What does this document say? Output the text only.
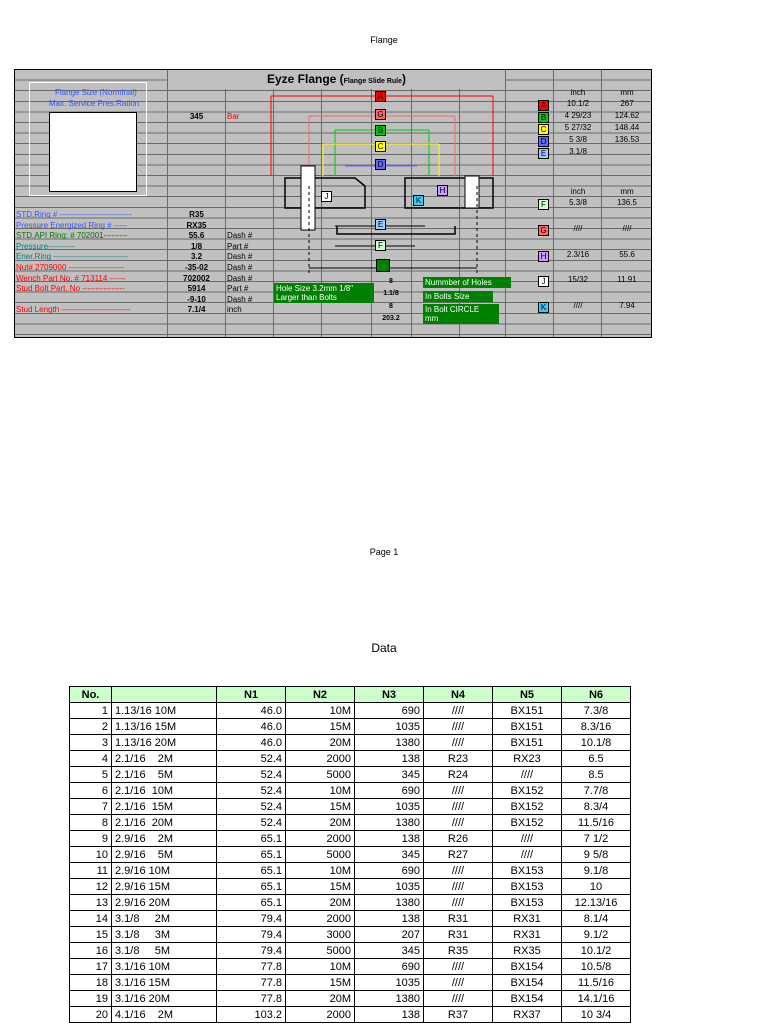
Flange
Eyze Flange (Flange Slide Rule)
Flange Size (Norminal)
Max. Service Pres.Ration
345	Bar
STD.Ring # ---------------------------	R35
Pressure Energized Ring # -----	RX35
STD.API Ring: # 702001---------	55.6	Dash #
Pressure----------	1/8	Part #
Ener.Ring ----------------------------	3.2	Dash #
Nut# 2709000 ---------------------	-35-02	Dash #
Wench Part No. # 713114 ------	702002	Dash #
Stud Bolt Part. No ----------------	5914	Part #
-9-10	Dash #
Stud Length --------------------------	7.1/4	inch
A
G
B
C
D
E
F
J
H
K
Hole Size 3.2mm 1/8"
Larger than Bolts
8	Nummber of Holes
1.1/8	In Bolts Size
8	In Bolt CIRCLE
mm
203.2
inch	mm
inch	mm
A	10.1/2	267
B	4 29/23	124.62
C	5 27/32	148.44
D	5 3/8	136.53
E	3.1/8
F	5.3/8	136.5
G	////	////
H	2.3/16	55.6
J	15/32	11.91
K	////	7.94
Page 1
Data
No.		N1	N2	N3	N4	N5	N6
1	1.13/16 10M	46.0	10M	690	////	BX151	7.3/8
2	1.13/16 15M	46.0	15M	1035	////	BX151	8.3/16
3	1.13/16 20M	46.0	20M	1380	////	BX151	10.1/8
4	2.1/16    2M	52.4	2000	138	R23	RX23	6.5
5	2.1/16    5M	52.4	5000	345	R24	////	8.5
6	2.1/16  10M	52.4	10M	690	////	BX152	7.7/8
7	2.1/16  15M	52.4	15M	1035	////	BX152	8.3/4
8	2.1/16  20M	52.4	20M	1380	////	BX152	11.5/16
9	2.9/16    2M	65.1	2000	138	R26	////	7 1/2
10	2.9/16    5M	65.1	5000	345	R27	////	9 5/8
11	2.9/16 10M	65.1	10M	690	////	BX153	9.1/8
12	2.9/16 15M	65.1	15M	1035	////	BX153	10
13	2.9/16 20M	65.1	20M	1380	////	BX153	12.13/16
14	3.1/8     2M	79.4	2000	138	R31	RX31	8.1/4
15	3.1/8     3M	79.4	3000	207	R31	RX31	9.1/2
16	3.1/8     5M	79.4	5000	345	R35	RX35	10.1/2
17	3.1/16 10M	77.8	10M	690	////	BX154	10.5/8
18	3.1/16 15M	77.8	15M	1035	////	BX154	11.5/16
19	3.1/16 20M	77.8	20M	1380	////	BX154	14.1/16
20	4.1/16    2M	103.2	2000	138	R37	RX37	10 3/4
